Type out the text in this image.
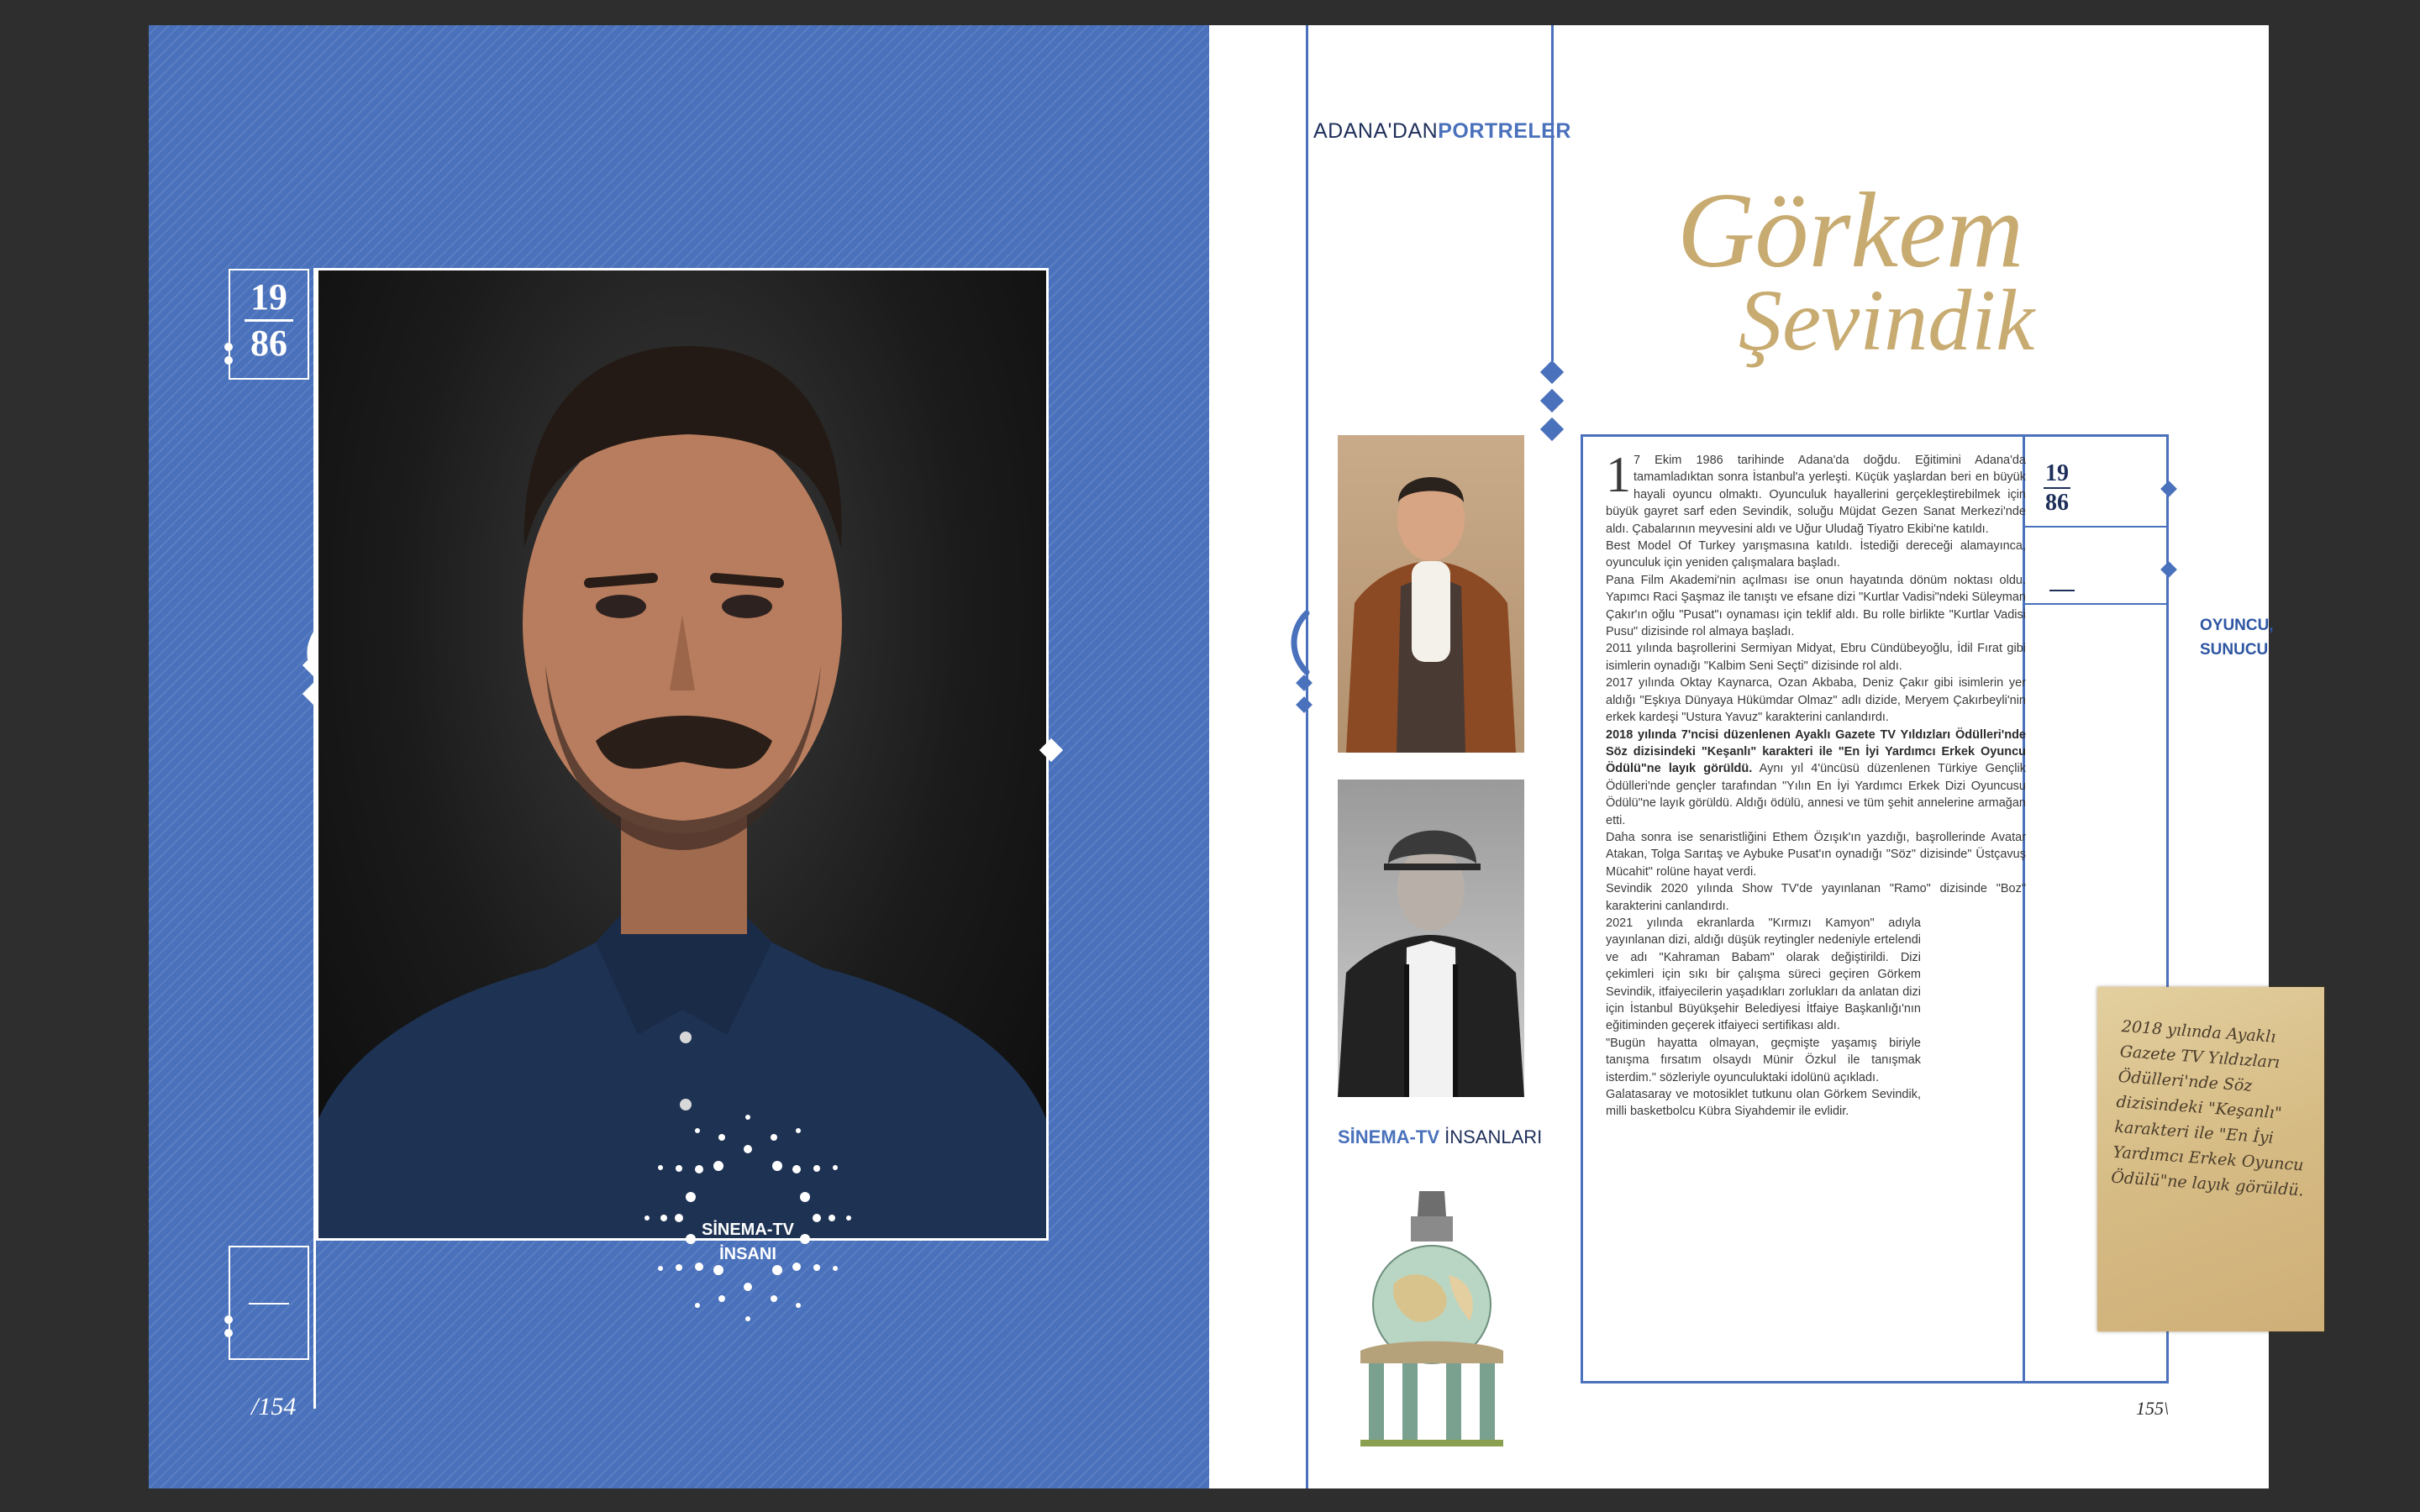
19
86
SİNEMA-TV
İNSANI
/154
ADANA'DANPORTRELER
Görkem
Şevindik
SİNEMA-TV İNSANLARI
19
86
OYUNCU,
SUNUCU

1 7 Ekim 1986 tarihinde Adana'da doğdu. Eğitimini Adana'da tamamladıktan sonra İstanbul'a yerleşti. Küçük yaşlardan beri en büyük hayali oyuncu olmaktı. Oyunculuk hayallerini gerçekleştirebilmek için büyük gayret sarf eden Sevindik, soluğu Müjdat Gezen Sanat Merkezi'nde aldı. Çabalarının meyvesini aldı ve Uğur Uludağ Tiyatro Ekibi'ne katıldı.

Best Model Of Turkey yarışmasına katıldı. İstediği dereceği alamayınca, oyunculuk için yeniden çalışmalara başladı.

Pana Film Akademi'nin açılması ise onun hayatında dönüm noktası oldu. Yapımcı Raci Şaşmaz ile tanıştı ve efsane dizi "Kurtlar Vadisi"ndeki Süleyman Çakır'ın oğlu "Pusat"ı oynaması için teklif aldı. Bu rolle birlikte "Kurtlar Vadisi Pusu" dizisinde rol almaya başladı.

2011 yılında başrollerini Sermiyan Midyat, Ebru Cündübeyoğlu, İdil Fırat gibi isimlerin oynadığı "Kalbim Seni Seçti" dizisinde rol aldı.

2017 yılında Oktay Kaynarca, Ozan Akbaba, Deniz Çakır gibi isimlerin yer aldığı "Eşkıya Dünyaya Hükümdar Olmaz" adlı dizide, Meryem Çakırbeyli'nin erkek kardeşi "Ustura Yavuz" karakterini canlandırdı.

2018 yılında 7'ncisi düzenlenen Ayaklı Gazete TV Yıldızları Ödülleri'nde Söz dizisindeki "Keşanlı" karakteri ile "En İyi Yardımcı Erkek Oyuncu Ödülü"ne layık görüldü. Aynı yıl 4'üncüsü düzenlenen Türkiye Gençlik Ödülleri'nde gençler tarafından "Yılın En İyi Yardımcı Erkek Dizi Oyuncusu Ödülü"ne layık görüldü. Aldığı ödülü, annesi ve tüm şehit annelerine armağan etti.

Daha sonra ise senaristliğini Ethem Özışık'ın yazdığı, başrollerinde Avatar Atakan, Tolga Sarıtaş ve Aybuke Pusat'ın oynadığı "Söz" dizisinde" Üstçavuş Mücahit" rolüne hayat verdi.

Sevindik 2020 yılında Show TV'de yayınlanan "Ramo" dizisinde "Boz" karakterini canlandırdı.

2021 yılında ekranlarda "Kırmızı Kamyon" adıyla yayınlanan dizi, aldığı düşük reytingler nedeniyle ertelendi ve adı "Kahraman Babam" olarak değiştirildi. Dizi çekimleri için sıkı bir çalışma süreci geçiren Görkem Sevindik, itfaiyecilerin yaşadıkları zorlukları da anlatan dizi için İstanbul Büyükşehir Belediyesi İtfaiye Başkanlığı'nın eğitiminden geçerek itfaiyeci sertifikası aldı.

"Bugün hayatta olmayan, geçmişte yaşamış biriyle tanışma fırsatım olsaydı Münir Özkul ile tanışmak isterdim." sözleriyle oyunculuktaki idolünü açıkladı.

Galatasaray ve motosiklet tutkunu olan Görkem Sevindik, milli basketbolcu Kübra Siyahdemir ile evlidir.

2018 yılında Ayaklı Gazete TV Yıldızları Ödülleri'nde Söz dizisindeki "Keşanlı" karakteri ile "En İyi Yardımcı Erkek Oyuncu Ödülü"ne layık görüldü.
155\
